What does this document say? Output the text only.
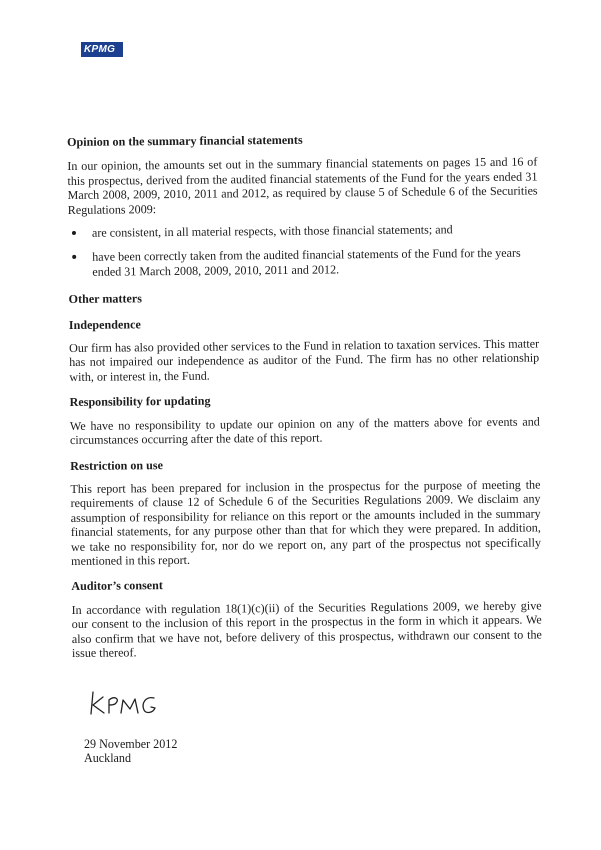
KPMG

Opinion on the summary financial statements

In our opinion, the amounts set out in the summary financial statements on pages 15 and 16 of this prospectus, derived from the audited financial statements of the Fund for the years ended 31 March 2008, 2009, 2010, 2011 and 2012, as required by clause 5 of Schedule 6 of the Securities Regulations 2009:

are consistent, in all material respects, with those financial statements; and
have been correctly taken from the audited financial statements of the Fund for the years ended 31 March 2008, 2009, 2010, 2011 and 2012.

Other matters

Independence

Our firm has also provided other services to the Fund in relation to taxation services. This matter has not impaired our independence as auditor of the Fund. The firm has no other relationship with, or interest in, the Fund.

Responsibility for updating

We have no responsibility to update our opinion on any of the matters above for events and circumstances occurring after the date of this report.

Restriction on use

This report has been prepared for inclusion in the prospectus for the purpose of meeting the requirements of clause 12 of Schedule 6 of the Securities Regulations 2009. We disclaim any assumption of responsibility for reliance on this report or the amounts included in the summary financial statements, for any purpose other than that for which they were prepared. In addition, we take no responsibility for, nor do we report on, any part of the prospectus not specifically mentioned in this report.

Auditor’s consent

In accordance with regulation 18(1)(c)(ii) of the Securities Regulations 2009, we hereby give our consent to the inclusion of this report in the prospectus in the form in which it appears. We also confirm that we have not, before delivery of this prospectus, withdrawn our consent to the issue thereof.

29 November 2012
Auckland
